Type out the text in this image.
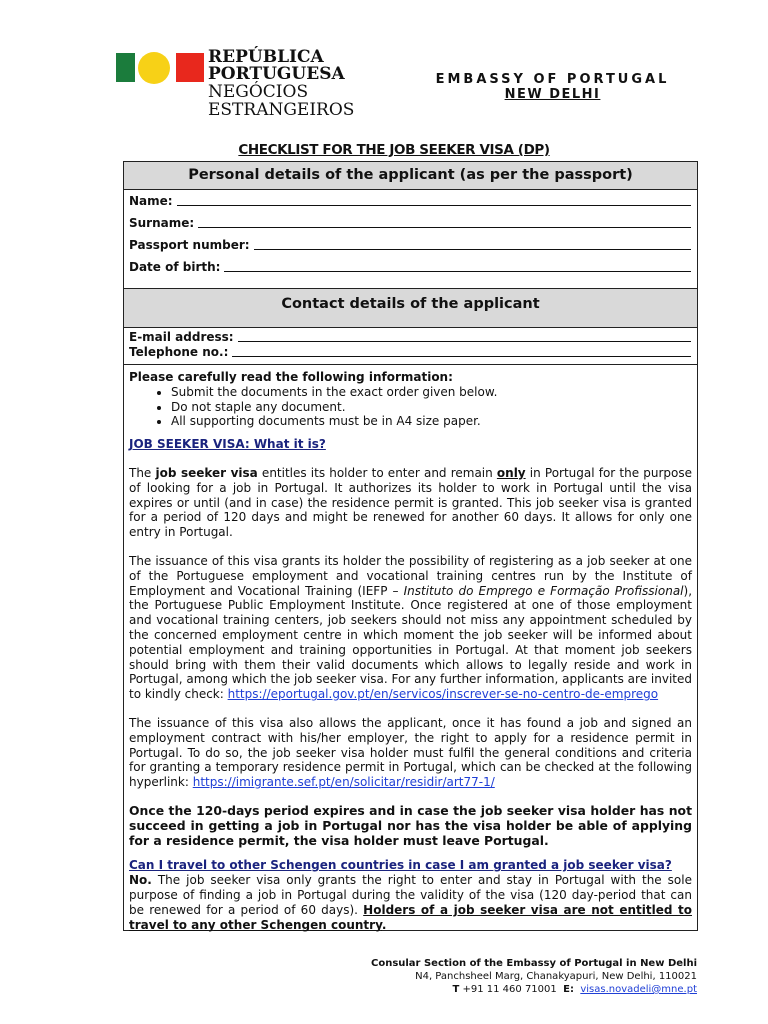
REPÚBLICA
PORTUGUESA
NEGÓCIOS
ESTRANGEIROS
EMBASSY OF PORTUGAL
NEW DELHI
CHECKLIST FOR THE JOB SEEKER VISA (DP)
Personal details of the applicant (as per the passport)
Name:
Surname:
Passport number:
Date of birth:
Contact details of the applicant
E-mail address:
Telephone no.:

Please carefully read the following information:

• Submit the documents in the exact order given below.
• Do not staple any document.
• All supporting documents must be in A4 size paper.

JOB SEEKER VISA: What it is?

The job seeker visa entitles its holder to enter and remain only in Portugal for the purpose of looking for a job in Portugal. It authorizes its holder to work in Portugal until the visa expires or until (and in case) the residence permit is granted. This job seeker visa is granted for a period of 120 days and might be renewed for another 60 days. It allows for only one entry in Portugal.

The issuance of this visa grants its holder the possibility of registering as a job seeker at one of the Portuguese employment and vocational training centres run by the Institute of Employment and Vocational Training (IEFP – Instituto do Emprego e Formação Profissional), the Portuguese Public Employment Institute. Once registered at one of those employment and vocational training centers, job seekers should not miss any appointment scheduled by the concerned employment centre in which moment the job seeker will be informed about potential employment and training opportunities in Portugal. At that moment job seekers should bring with them their valid documents which allows to legally reside and work in Portugal, among which the job seeker visa. For any further information, applicants are invited to kindly check: https://eportugal.gov.pt/en/servicos/inscrever-se-no-centro-de-emprego

The issuance of this visa also allows the applicant, once it has found a job and signed an employment contract with his/her employer, the right to apply for a residence permit in Portugal. To do so, the job seeker visa holder must fulfil the general conditions and criteria for granting a temporary residence permit in Portugal, which can be checked at the following hyperlink: https://imigrante.sef.pt/en/solicitar/residir/art77-1/

Once the 120-days period expires and in case the job seeker visa holder has not succeed in getting a job in Portugal nor has the visa holder be able of applying for a residence permit, the visa holder must leave Portugal.

Can I travel to other Schengen countries in case I am granted a job seeker visa?

No. The job seeker visa only grants the right to enter and stay in Portugal with the sole purpose of finding a job in Portugal during the validity of the visa (120 day-period that can be renewed for a period of 60 days). Holders of a job seeker visa are not entitled to travel to any other Schengen country.

Consular Section of the Embassy of Portugal in New Delhi
N4, Panchsheel Marg, Chanakyapuri, New Delhi, 110021
T +91 11 460 71001 E: visas.novadeli@mne.pt
